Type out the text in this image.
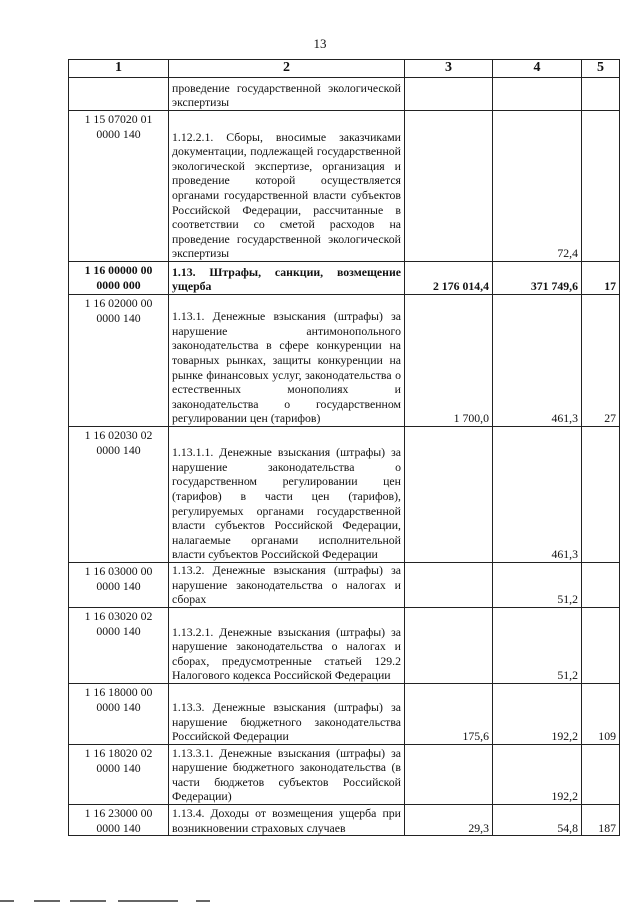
13
1	2	3	4	5
	проведение государственной экологической экспертизы			
1 15 07020 01 0000 140	1.12.2.1. Сборы, вносимые заказчиками документации, подлежащей государственной экологической экспертизе, организация и проведение которой осуществляется органами государственной власти субъектов Российской Федерации, рассчитанные в соответствии со сметой расходов на проведение государственной экологической экспертизы		72,4	
1 16 00000 00 0000 000	1.13. Штрафы, санкции, возмещение ущерба	2 176 014,4	371 749,6	17
1 16 02000 00 0000 140	1.13.1. Денежные взыскания (штрафы) за нарушение антимонопольного законодательства в сфере конкуренции на товарных рынках, защиты конкуренции на рынке финансовых услуг, законодательства о естественных монополиях и законодательства о государственном регулировании цен (тарифов)	1 700,0	461,3	27
1 16 02030 02 0000 140	1.13.1.1. Денежные взыскания (штрафы) за нарушение законодательства о государственном регулировании цен (тарифов) в части цен (тарифов), регулируемых органами государственной власти субъектов Российской Федерации, налагаемые органами исполнительной власти субъектов Российской Федерации		461,3	
1 16 03000 00 0000 140	1.13.2. Денежные взыскания (штрафы) за нарушение законодательства о налогах и сборах		51,2	
1 16 03020 02 0000 140	1.13.2.1. Денежные взыскания (штрафы) за нарушение законодательства о налогах и сборах, предусмотренные статьей 129.2 Налогового кодекса Российской Федерации		51,2	
1 16 18000 00 0000 140	1.13.3. Денежные взыскания (штрафы) за нарушение бюджетного законодательства Российской Федерации	175,6	192,2	109
1 16 18020 02 0000 140	1.13.3.1. Денежные взыскания (штрафы) за нарушение бюджетного законодательства (в части бюджетов субъектов Российской Федерации)		192,2	
1 16 23000 00 0000 140	1.13.4. Доходы от возмещения ущерба при возникновении страховых случаев	29,3	54,8	187
